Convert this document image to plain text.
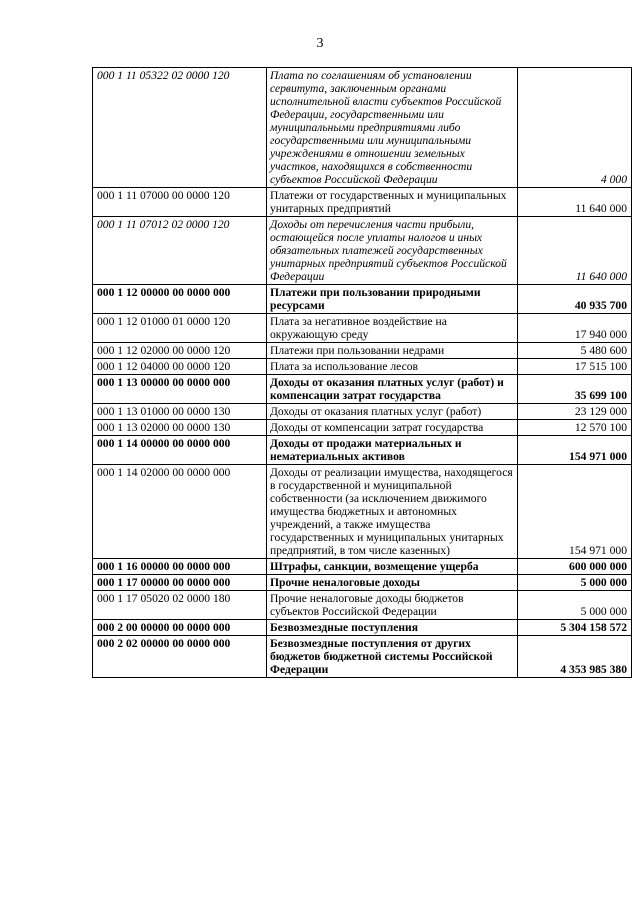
3
000 1 11 05322 02 0000 120	Плата по соглашениям об установлении сервитута, заключенным органами исполнительной власти субъектов Российской Федерации, государственными или муниципальными предприятиями либо государственными или муниципальными учреждениями в отношении земельных участков, находящихся в собственности субъектов Российской Федерации	4 000
000 1 11 07000 00 0000 120	Платежи от государственных и муниципальных унитарных предприятий	11 640 000
000 1 11 07012 02 0000 120	Доходы от перечисления части прибыли, остающейся после уплаты налогов и иных обязательных платежей государственных унитарных предприятий субъектов Российской Федерации	11 640 000
000 1 12 00000 00 0000 000	Платежи при пользовании природными ресурсами	40 935 700
000 1 12 01000 01 0000 120	Плата за негативное воздействие на окружающую среду	17 940 000
000 1 12 02000 00 0000 120	Платежи при пользовании недрами	5 480 600
000 1 12 04000 00 0000 120	Плата за использование лесов	17 515 100
000 1 13 00000 00 0000 000	Доходы от оказания платных услуг (работ) и компенсации затрат государства	35 699 100
000 1 13 01000 00 0000 130	Доходы от оказания платных услуг (работ)	23 129 000
000 1 13 02000 00 0000 130	Доходы от компенсации затрат государства	12 570 100
000 1 14 00000 00 0000 000	Доходы от продажи материальных и нематериальных активов	154 971 000
000 1 14 02000 00 0000 000	Доходы от реализации имущества, находящегося в государственной и муниципальной собственности (за исключением движимого имущества бюджетных и автономных учреждений, а также имущества государственных и муниципальных унитарных предприятий, в том числе казенных)	154 971 000
000 1 16 00000 00 0000 000	Штрафы, санкции, возмещение ущерба	600 000 000
000 1 17 00000 00 0000 000	Прочие неналоговые доходы	5 000 000
000 1 17 05020 02 0000 180	Прочие неналоговые доходы бюджетов субъектов Российской Федерации	5 000 000
000 2 00 00000 00 0000 000	Безвозмездные поступления	5 304 158 572
000 2 02 00000 00 0000 000	Безвозмездные поступления от других бюджетов бюджетной системы Российской Федерации	4 353 985 380
